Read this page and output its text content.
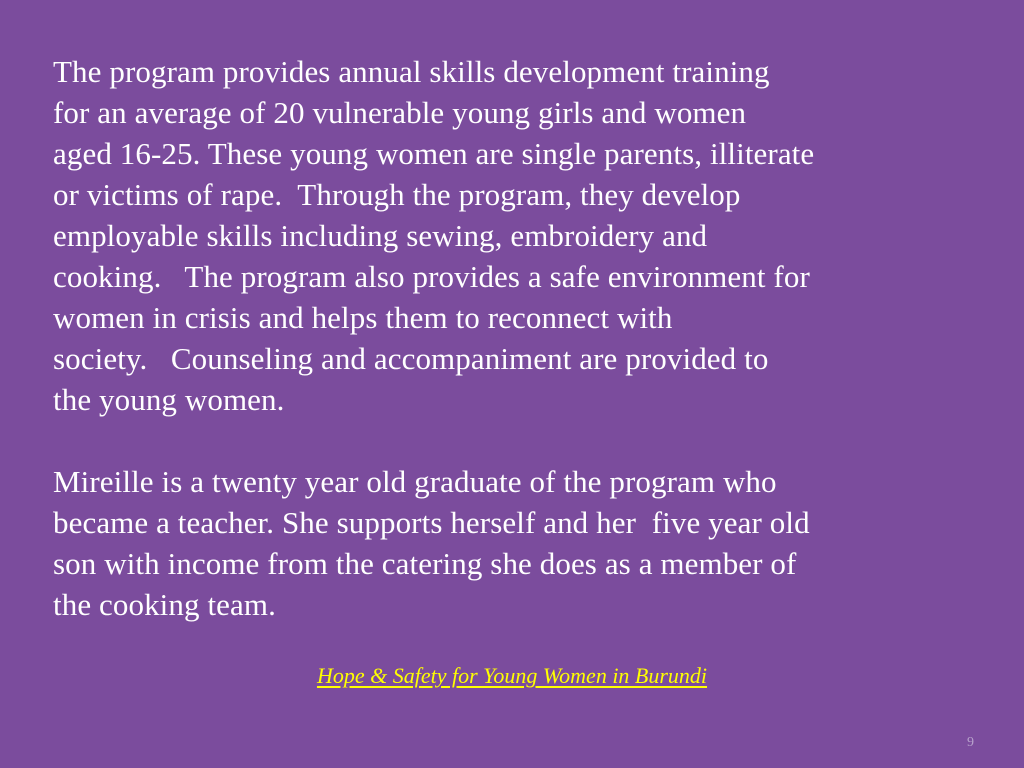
The program provides annual skills development training
for an average of 20 vulnerable young girls and women
aged 16-25. These young women are single parents, illiterate
or victims of rape.  Through the program, they develop
employable skills including sewing, embroidery and
cooking.   The program also provides a safe environment for
women in crisis and helps them to reconnect with
society.   Counseling and accompaniment are provided to
the young women.
Mireille is a twenty year old graduate of the program who
became a teacher. She supports herself and her  five year old
son with income from the catering she does as a member of
the cooking team.
Hope & Safety for Young Women in Burundi
9
